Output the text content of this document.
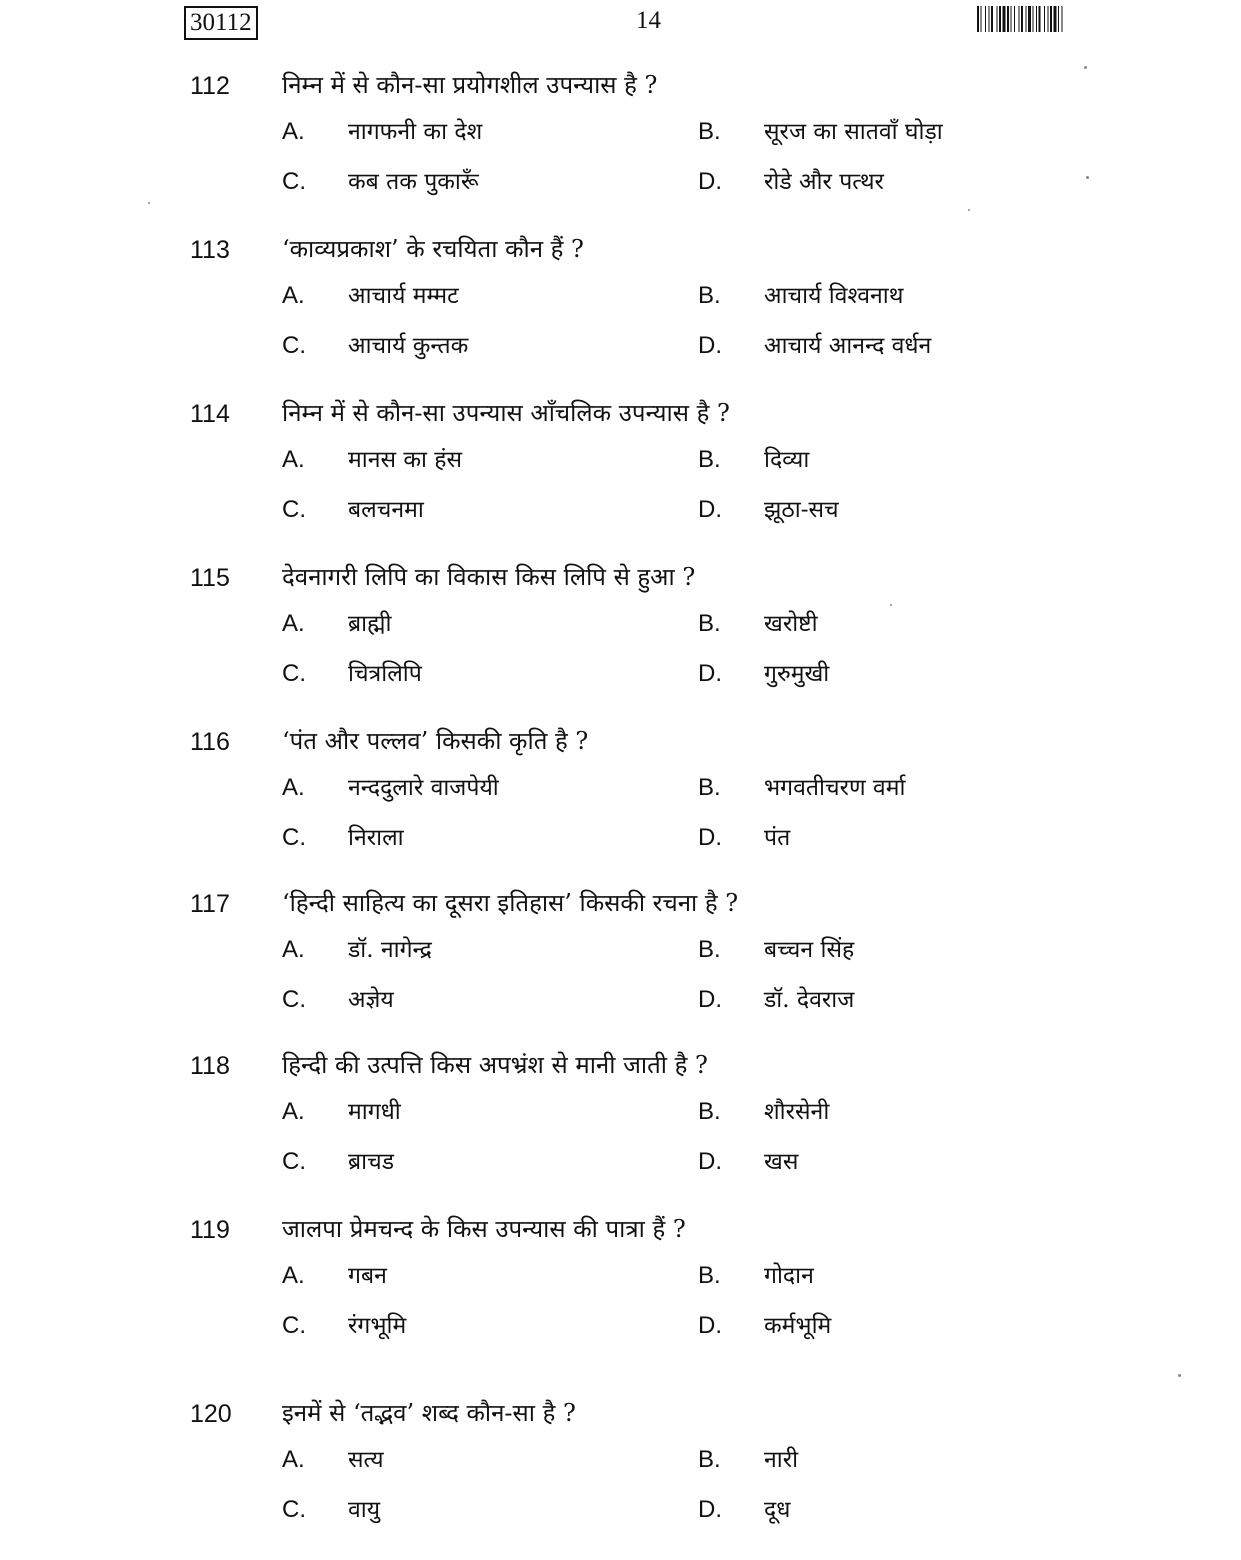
30112	14
112 निम्न में से कौन-सा प्रयोगशील उपन्यास है ?
A. नागफनी का देश	B. सूरज का सातवाँ घोड़ा
C. कब तक पुकारूँ	D. रोडे और पत्थर
113 ‘काव्यप्रकाश’ के रचयिता कौन हैं ?
A. आचार्य मम्मट	B. आचार्य विश्वनाथ
C. आचार्य कुन्तक	D. आचार्य आनन्द वर्धन
114 निम्न में से कौन-सा उपन्यास आँचलिक उपन्यास है ?
A. मानस का हंस	B. दिव्या
C. बलचनमा	D. झूठा-सच
115 देवनागरी लिपि का विकास किस लिपि से हुआ ?
A. ब्राह्मी	B. खरोष्टी
C. चित्रलिपि	D. गुरुमुखी
116 ‘पंत और पल्लव’ किसकी कृति है ?
A. नन्ददुलारे वाजपेयी	B. भगवतीचरण वर्मा
C. निराला	D. पंत
117 ‘हिन्दी साहित्य का दूसरा इतिहास’ किसकी रचना है ?
A. डॉ. नागेन्द्र	B. बच्चन सिंह
C. अज्ञेय	D. डॉ. देवराज
118 हिन्दी की उत्पत्ति किस अपभ्रंश से मानी जाती है ?
A. मागधी	B. शौरसेनी
C. ब्राचड	D. खस
119 जालपा प्रेमचन्द के किस उपन्यास की पात्रा हैं ?
A. गबन	B. गोदान
C. रंगभूमि	D. कर्मभूमि
120 इनमें से ‘तद्भव’ शब्द कौन-सा है ?
A. सत्य	B. नारी
C. वायु	D. दूध
